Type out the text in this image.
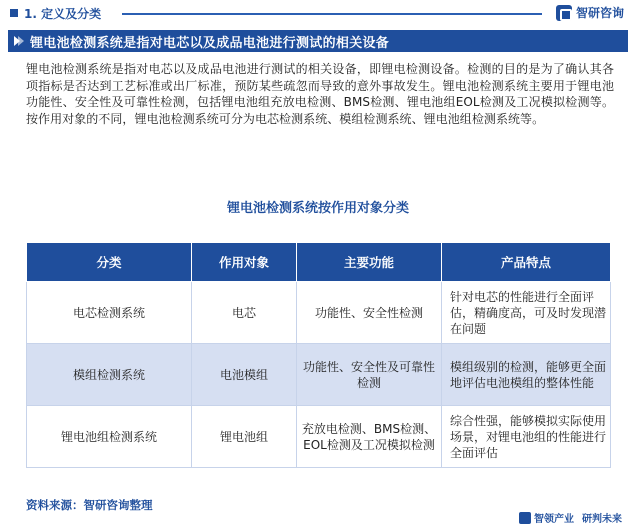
1. 定义及分类	智研咨询
锂电池检测系统是指对电芯以及成品电池进行测试的相关设备

锂电池检测系统是指对电芯以及成品电池进行测试的相关设备，即锂电检测设备。检测的目的是为了确认其各项指标是否达到工艺标准或出厂标准，预防某些疏忽而导致的意外事故发生。锂电池检测系统主要用于锂电池功能性、安全性及可靠性检测，包括锂电池组充放电检测、BMS检测、锂电池组EOL检测及工况模拟检测等。按作用对象的不同，锂电池检测系统可分为电芯检测系统、模组检测系统、锂电池组检测系统等。

锂电池检测系统按作用对象分类
分类	作用对象	主要功能	产品特点
电芯检测系统	电芯	功能性、安全性检测	针对电芯的性能进行全面评估，精确度高，可及时发现潜在问题
模组检测系统	电池模组	功能性、安全性及可靠性检测	模组级别的检测，能够更全面地评估电池模组的整体性能
锂电池组检测系统	锂电池组	充放电检测、BMS检测、EOL检测及工况模拟检测	综合性强，能够模拟实际使用场景，对锂电池组的性能进行全面评估
资料来源：智研咨询整理
智领产业 研判未来
